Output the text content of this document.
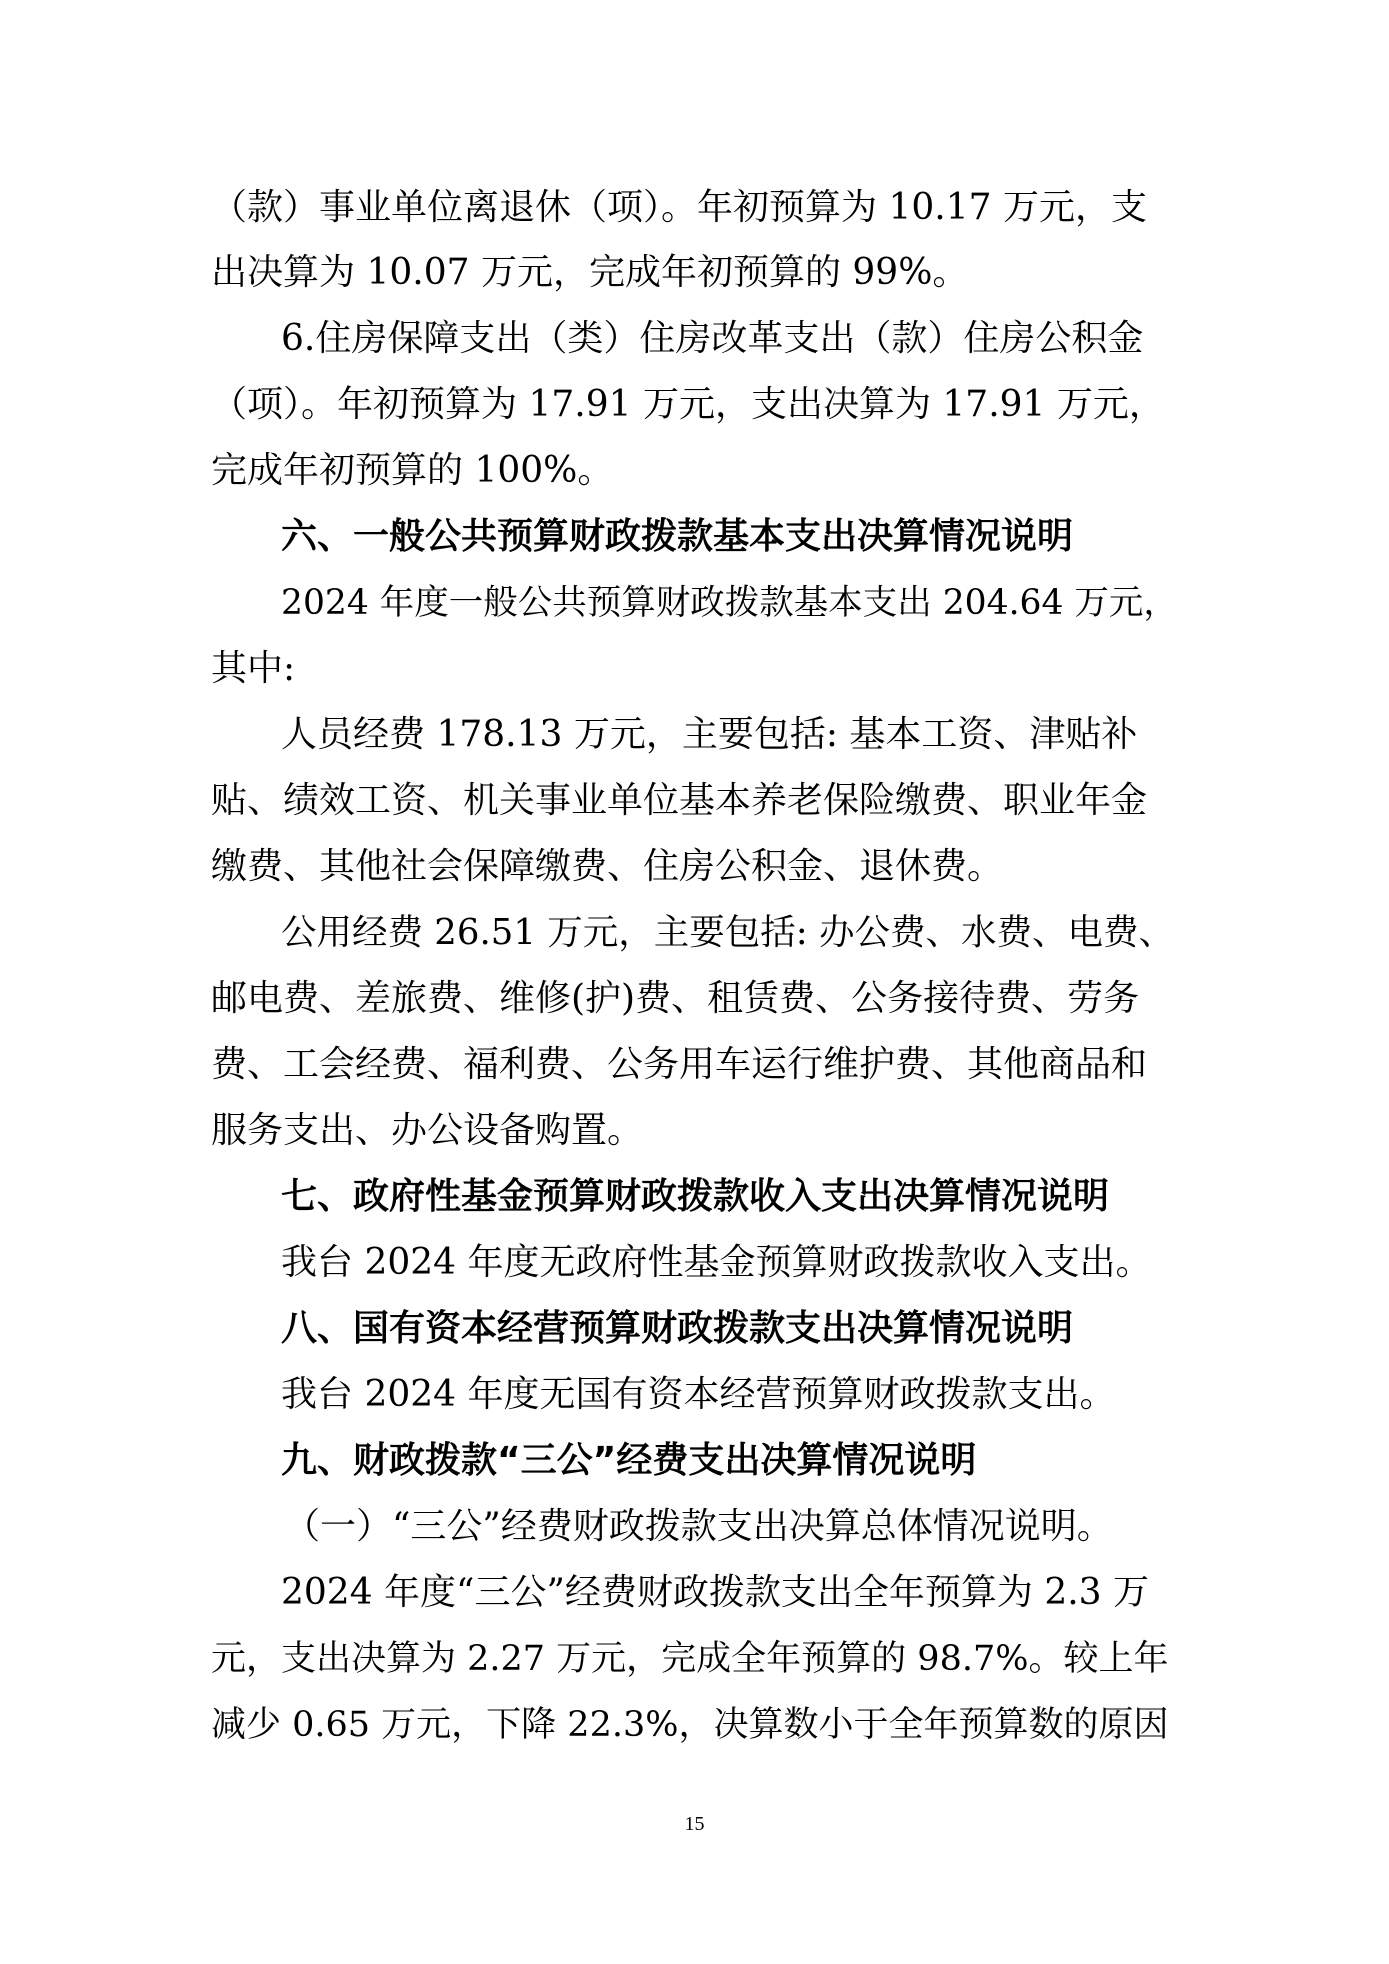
（款）事业单位离退休（项）。年初预算为 10.17 万元，支
出决算为 10.07 万元，完成年初预算的 99%。
6.住房保障支出（类）住房改革支出（款）住房公积金
（项）。年初预算为 17.91 万元，支出决算为 17.91 万元，
完成年初预算的 100%。
六、一般公共预算财政拨款基本支出决算情况说明
2024 年度一般公共预算财政拨款基本支出 204.64 万元，
其中:
人员经费 178.13 万元，主要包括: 基本工资、津贴补
贴、绩效工资、机关事业单位基本养老保险缴费、职业年金
缴费、其他社会保障缴费、住房公积金、退休费。
公用经费 26.51 万元，主要包括: 办公费、水费、电费、
邮电费、差旅费、维修(护)费、租赁费、公务接待费、劳务
费、工会经费、福利费、公务用车运行维护费、其他商品和
服务支出、办公设备购置。
七、政府性基金预算财政拨款收入支出决算情况说明
我台 2024 年度无政府性基金预算财政拨款收入支出。
八、国有资本经营预算财政拨款支出决算情况说明
我台 2024 年度无国有资本经营预算财政拨款支出。
九、财政拨款“三公”经费支出决算情况说明
（一）“三公”经费财政拨款支出决算总体情况说明。
2024 年度“三公”经费财政拨款支出全年预算为 2.3 万
元，支出决算为 2.27 万元，完成全年预算的 98.7%。较上年
减少 0.65 万元，下降 22.3%，决算数小于全年预算数的原因
15
